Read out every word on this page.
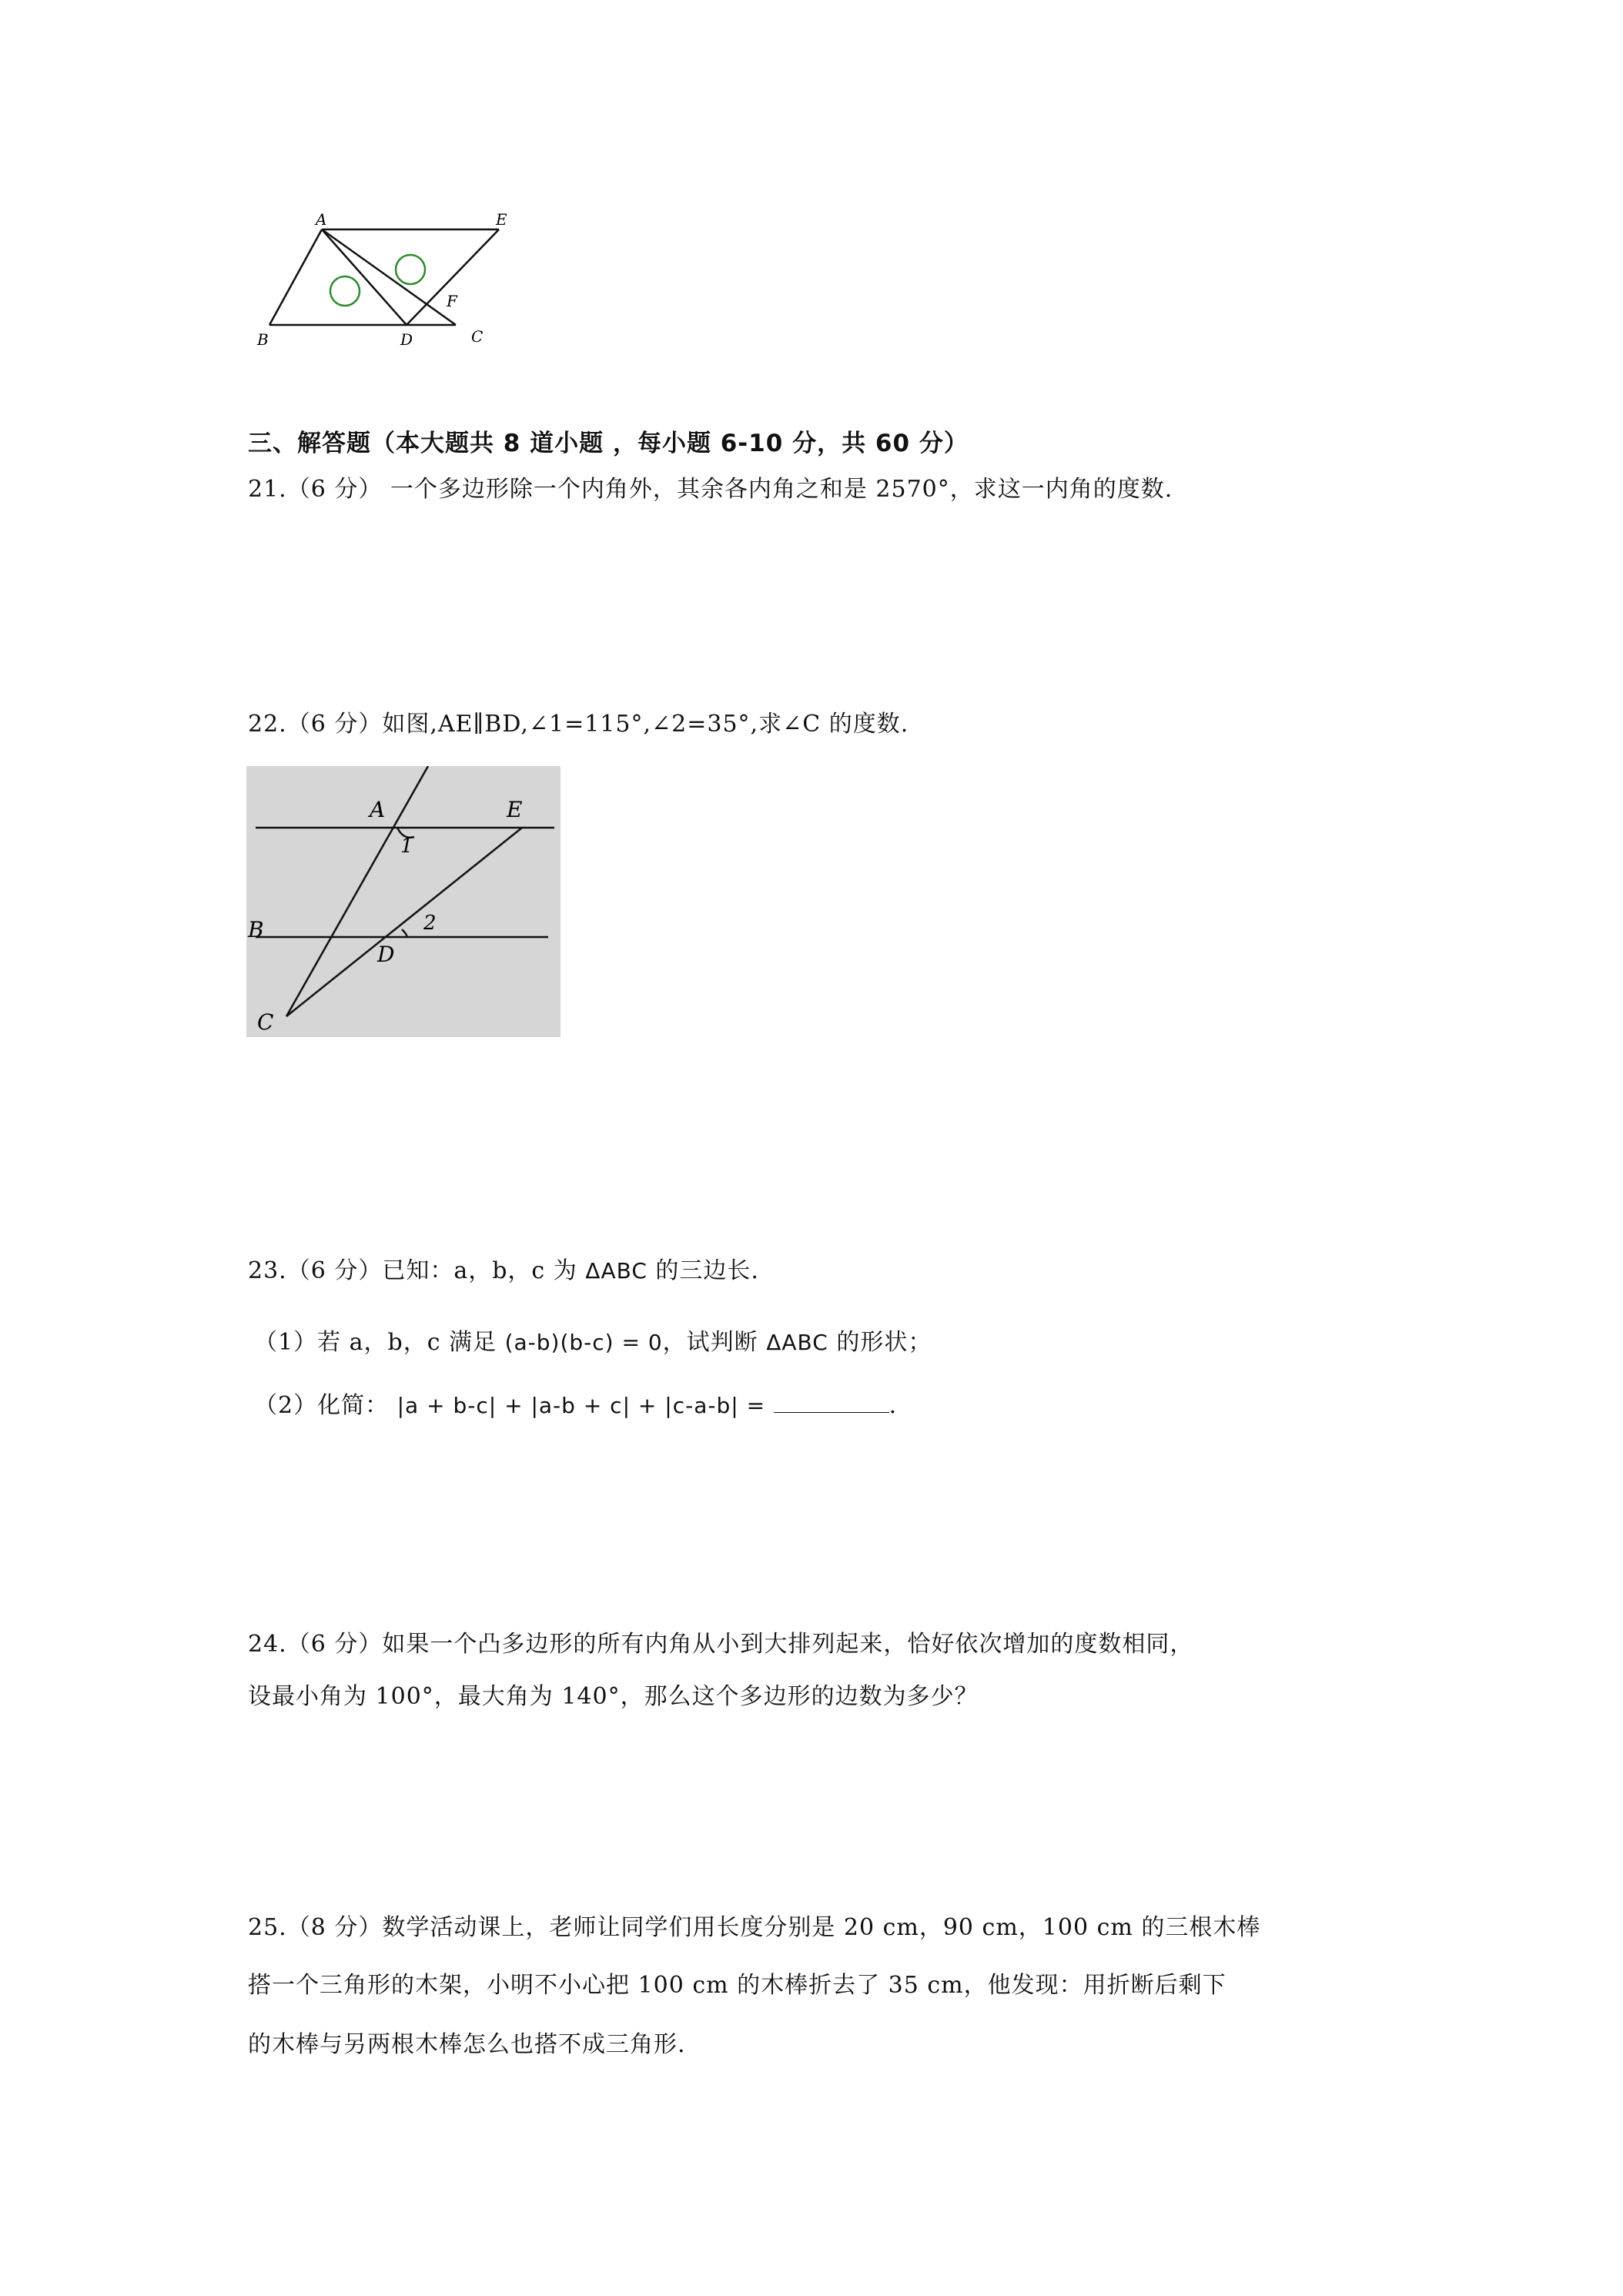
A	E
B	D	C
F
三、解答题（本大题共 8 道小题 ，每小题 6-10 分，共 60 分）
21.（6 分） 一个多边形除一个内角外，其余各内角之和是 2570°，求这一内角的度数.
22.（6 分）如图,AE∥BD,∠1=115°,∠2=35°,求∠C 的度数.
A	E
1
B	2
D
C
23.（6 分）已知：a，b，c 为 ΔABC 的三边长.
（1）若 a，b，c 满足 (a-b)(b-c) = 0，试判断 ΔABC 的形状；
（2）化简： |a + b-c| + |a-b + c| + |c-a-b| =	.
24.（6 分）如果一个凸多边形的所有内角从小到大排列起来，恰好依次增加的度数相同，
设最小角为 100°，最大角为 140°，那么这个多边形的边数为多少？
25.（8 分）数学活动课上，老师让同学们用长度分别是 20 cm，90 cm，100 cm 的三根木棒
搭一个三角形的木架，小明不小心把 100 cm 的木棒折去了 35 cm，他发现：用折断后剩下
的木棒与另两根木棒怎么也搭不成三角形.
